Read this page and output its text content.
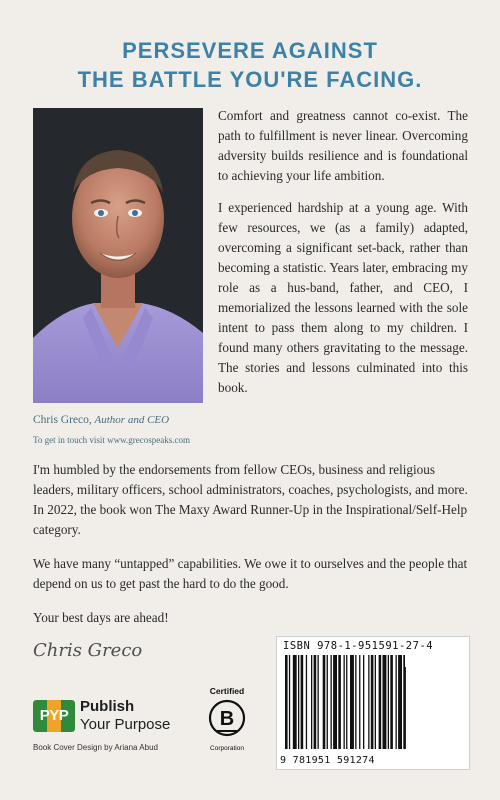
PERSEVERE AGAINST
THE BATTLE YOU'RE FACING.
Chris Greco, Author and CEO
To get in touch visit www.grecospeaks.com

Comfort and greatness cannot co-exist. The path to fulfillment is never linear. Overcoming adversity builds resilience and is foundational to achieving your life ambition.

I experienced hardship at a young age. With few resources, we (as a family) adapted, overcoming a significant set-back, rather than becoming a statistic. Years later, embracing my role as a hus-band, father, and CEO, I memorialized the lessons learned with the sole intent to pass them along to my children. I found many others gravitating to the message. The stories and lessons culminated into this book.

I'm humbled by the endorsements from fellow CEOs, business and religious leaders, military officers, school administrators, coaches, psychologists, and more. In 2022, the book won The Maxy Award Runner-Up in the Inspirational/Self-Help category.

We have many “untapped” capabilities. We owe it to ourselves and the people that depend on us to get past the hard to do the good.

Your best days are ahead!

Chris Greco
PYP
Publish
Your Purpose
Book Cover Design by Ariana Abud
Certified
B
Corporation
ISBN 978-1-951591-27-4
9 781951 591274
